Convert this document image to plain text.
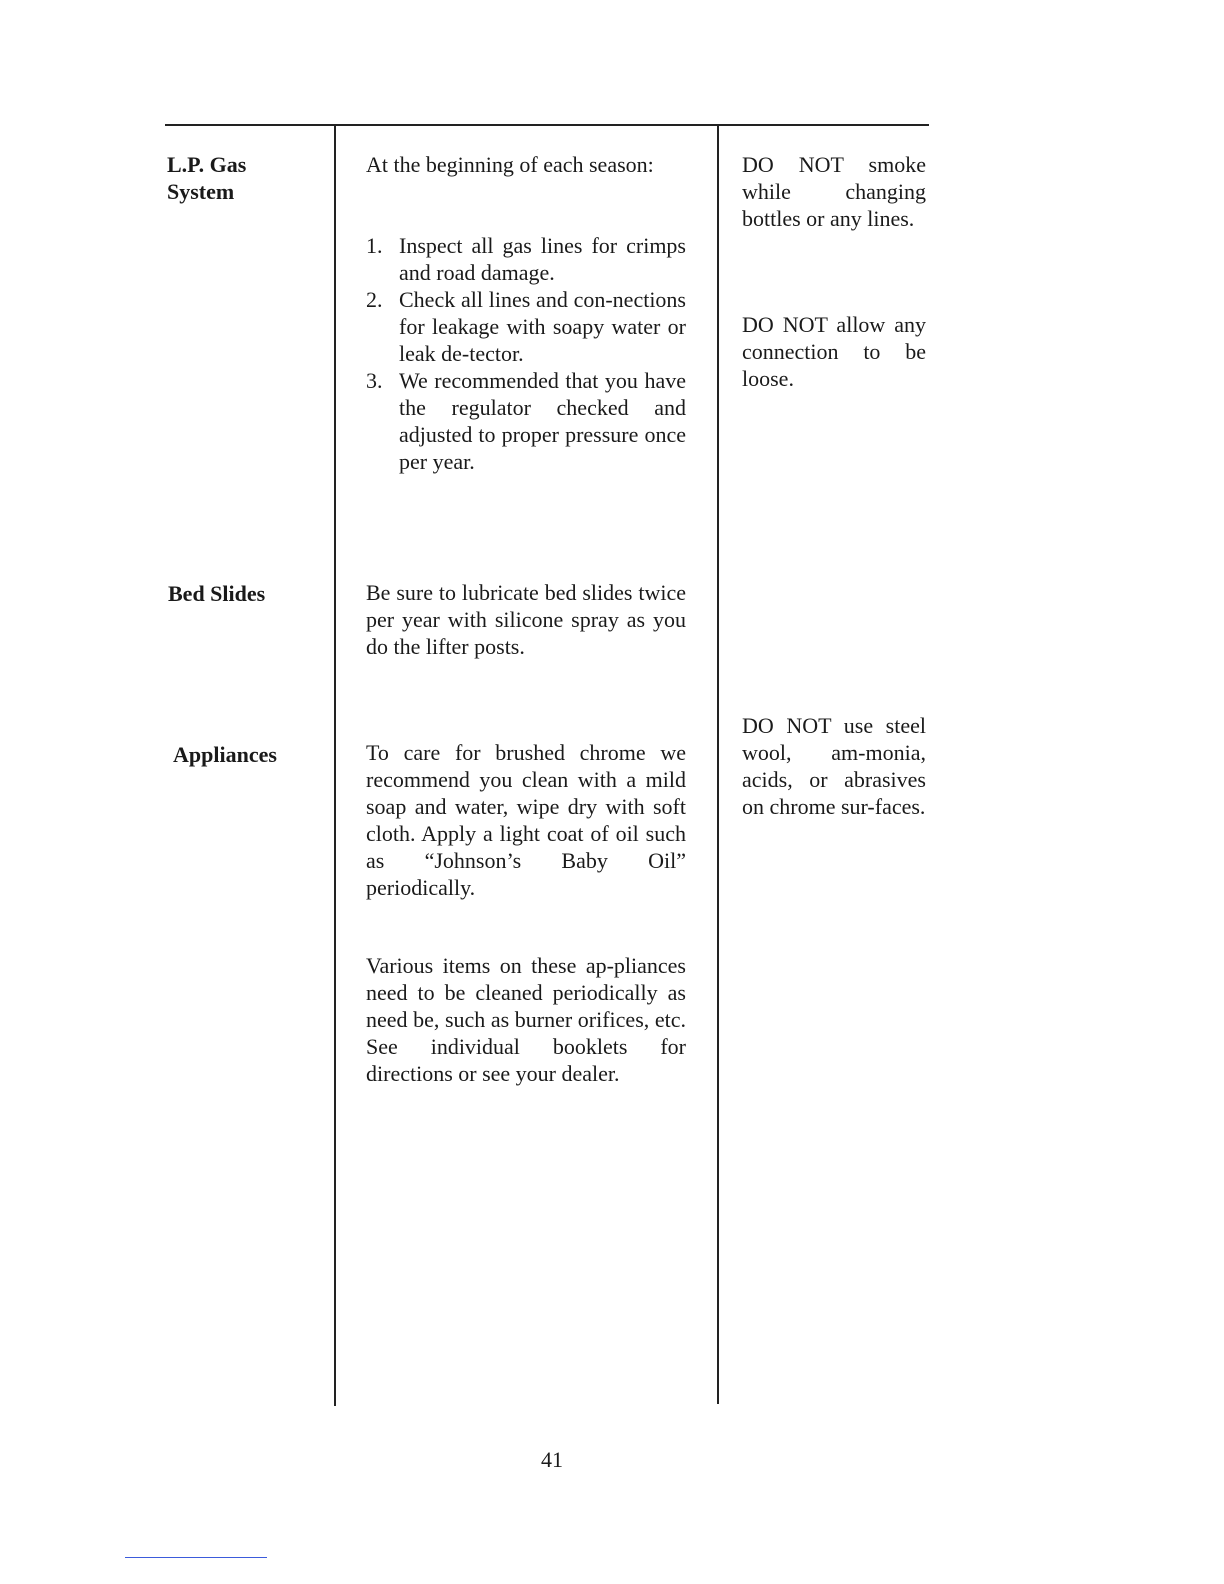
L.P. Gas
System

At the beginning of each season:

1. Inspect all gas lines for crimps and road damage.
2. Check all lines and con-nections for leakage with soapy water or leak de-tector.
3. We recommended that you have the regulator checked and adjusted to proper pressure once per year.

DO NOT smoke while changing bottles or any lines.

DO NOT allow any connection to be loose.

Bed Slides	Be sure to lubricate bed slides twice per year with silicone spray as you do the lifter posts.

Appliances	To care for brushed chrome we recommend you clean with a mild soap and water, wipe dry with soft cloth. Apply a light coat of oil such as “Johnson’s Baby Oil” periodically.

Various items on these ap-pliances need to be cleaned periodically as need be, such as burner orifices, etc. See individual booklets for directions or see your dealer.

DO NOT use steel wool, am-monia, acids, or abrasives on chrome sur-faces.

41
